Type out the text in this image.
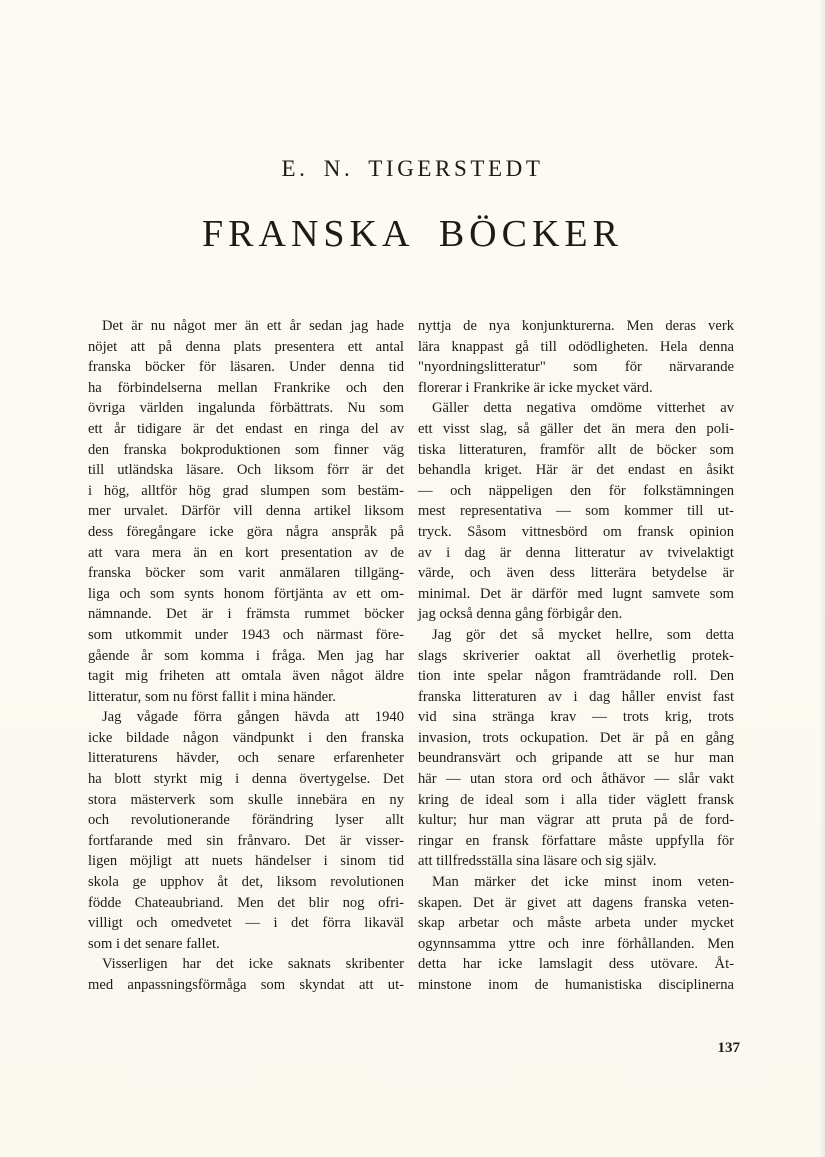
E. N. TIGERSTEDT
FRANSKA BÖCKER
Det är nu något mer än ett år sedan jag hade
nöjet att på denna plats presentera ett antal
franska böcker för läsaren. Under denna tid
ha förbindelserna mellan Frankrike och den
övriga världen ingalunda förbättrats. Nu som
ett år tidigare är det endast en ringa del av
den franska bokproduktionen som finner väg
till utländska läsare. Och liksom förr är det
i hög, alltför hög grad slumpen som bestäm-
mer urvalet. Därför vill denna artikel liksom
dess föregångare icke göra några anspråk på
att vara mera än en kort presentation av de
franska böcker som varit anmälaren tillgäng-
liga och som synts honom förtjänta av ett om-
nämnande. Det är i främsta rummet böcker
som utkommit under 1943 och närmast före-
gående år som komma i fråga. Men jag har
tagit mig friheten att omtala även något äldre
litteratur, som nu först fallit i mina händer.
Jag vågade förra gången hävda att 1940
icke bildade någon vändpunkt i den franska
litteraturens hävder, och senare erfarenheter
ha blott styrkt mig i denna övertygelse. Det
stora mästerverk som skulle innebära en ny
och revolutionerande förändring lyser allt
fortfarande med sin frånvaro. Det är visser-
ligen möjligt att nuets händelser i sinom tid
skola ge upphov åt det, liksom revolutionen
födde Chateaubriand. Men det blir nog ofri-
villigt och omedvetet — i det förra likaväl
som i det senare fallet.
Visserligen har det icke saknats skribenter
med anpassningsförmåga som skyndat att ut-
nyttja de nya konjunkturerna. Men deras verk
lära knappast gå till odödligheten. Hela denna
"nyordningslitteratur" som för närvarande
florerar i Frankrike är icke mycket värd.
Gäller detta negativa omdöme vitterhet av
ett visst slag, så gäller det än mera den poli-
tiska litteraturen, framför allt de böcker som
behandla kriget. Här är det endast en åsikt
— och näppeligen den för folkstämningen
mest representativa — som kommer till ut-
tryck. Såsom vittnesbörd om fransk opinion
av i dag är denna litteratur av tvivelaktigt
värde, och även dess litterära betydelse är
minimal. Det är därför med lugnt samvete som
jag också denna gång förbigår den.
Jag gör det så mycket hellre, som detta
slags skriverier oaktat all överhetlig protek-
tion inte spelar någon framträdande roll. Den
franska litteraturen av i dag håller envist fast
vid sina stränga krav — trots krig, trots
invasion, trots ockupation. Det är på en gång
beundransvärt och gripande att se hur man
här — utan stora ord och åthävor — slår vakt
kring de ideal som i alla tider väglett fransk
kultur; hur man vägrar att pruta på de ford-
ringar en fransk författare måste uppfylla för
att tillfredsställa sina läsare och sig själv.
Man märker det icke minst inom veten-
skapen. Det är givet att dagens franska veten-
skap arbetar och måste arbeta under mycket
ogynnsamma yttre och inre förhållanden. Men
detta har icke lamslagit dess utövare. Åt-
minstone inom de humanistiska disciplinerna
137
